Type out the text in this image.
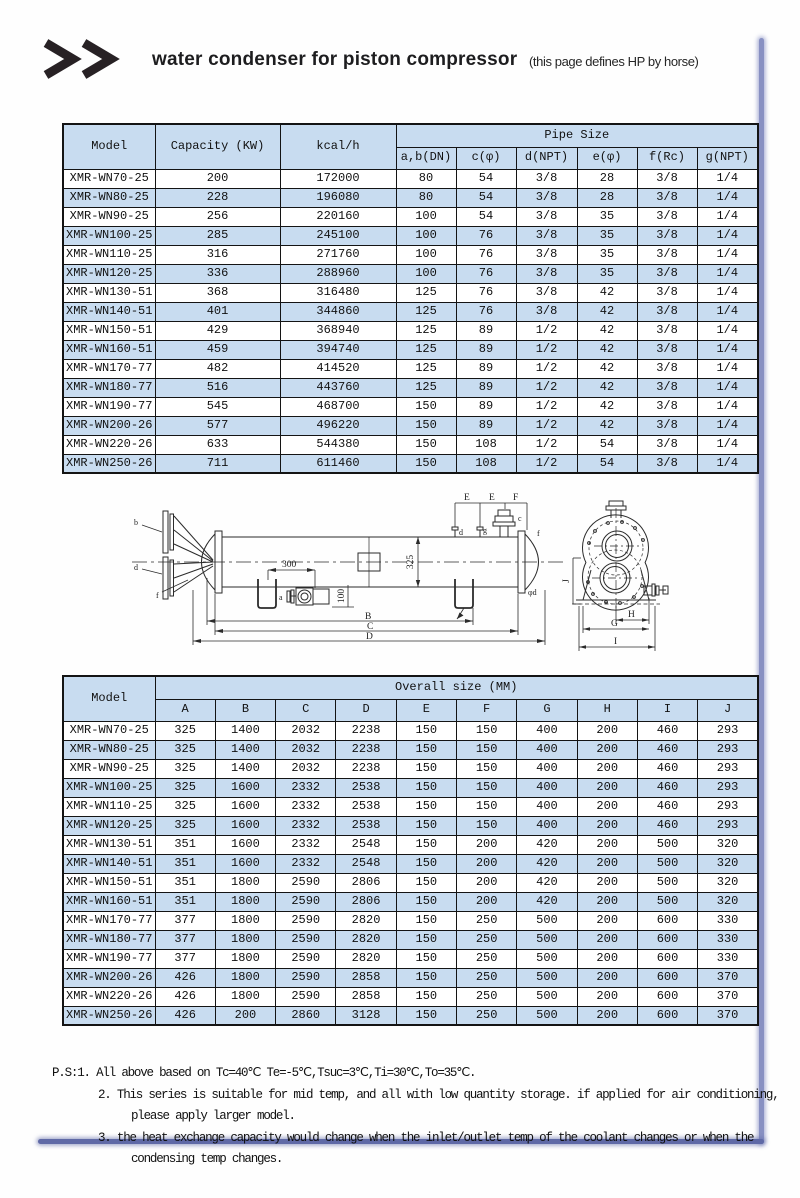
water condenser for piston compressor (this page defines HP by horse)
Model	Capacity (KW)	kcal/h	Pipe Size					
			a,b(DN)	c(φ)	d(NPT)	e(φ)	f(Rc)	g(NPT)
XMR-WN70-25	200	172000	80	54	3/8	28	3/8	1/4
XMR-WN80-25	228	196080	80	54	3/8	28	3/8	1/4
XMR-WN90-25	256	220160	100	54	3/8	35	3/8	1/4
XMR-WN100-25	285	245100	100	76	3/8	35	3/8	1/4
XMR-WN110-25	316	271760	100	76	3/8	35	3/8	1/4
XMR-WN120-25	336	288960	100	76	3/8	35	3/8	1/4
XMR-WN130-51	368	316480	125	76	3/8	42	3/8	1/4
XMR-WN140-51	401	344860	125	76	3/8	42	3/8	1/4
XMR-WN150-51	429	368940	125	89	1/2	42	3/8	1/4
XMR-WN160-51	459	394740	125	89	1/2	42	3/8	1/4
XMR-WN170-77	482	414520	125	89	1/2	42	3/8	1/4
XMR-WN180-77	516	443760	125	89	1/2	42	3/8	1/4
XMR-WN190-77	545	468700	150	89	1/2	42	3/8	1/4
XMR-WN200-26	577	496220	150	89	1/2	42	3/8	1/4
XMR-WN220-26	633	544380	150	108	1/2	54	3/8	1/4
XMR-WN250-26	711	611460	150	108	1/2	54	3/8	1/4
E E F
c
d	g	f
φd
b
d
f	a
300
100
325
B
C
D
H
G
I
J
Model	Overall size (MM)									
	A	B	C	D	E	F	G	H	I	J
XMR-WN70-25	325	1400	2032	2238	150	150	400	200	460	293
XMR-WN80-25	325	1400	2032	2238	150	150	400	200	460	293
XMR-WN90-25	325	1400	2032	2238	150	150	400	200	460	293
XMR-WN100-25	325	1600	2332	2538	150	150	400	200	460	293
XMR-WN110-25	325	1600	2332	2538	150	150	400	200	460	293
XMR-WN120-25	325	1600	2332	2538	150	150	400	200	460	293
XMR-WN130-51	351	1600	2332	2548	150	200	420	200	500	320
XMR-WN140-51	351	1600	2332	2548	150	200	420	200	500	320
XMR-WN150-51	351	1800	2590	2806	150	200	420	200	500	320
XMR-WN160-51	351	1800	2590	2806	150	200	420	200	500	320
XMR-WN170-77	377	1800	2590	2820	150	250	500	200	600	330
XMR-WN180-77	377	1800	2590	2820	150	250	500	200	600	330
XMR-WN190-77	377	1800	2590	2820	150	250	500	200	600	330
XMR-WN200-26	426	1800	2590	2858	150	250	500	200	600	370
XMR-WN220-26	426	1800	2590	2858	150	250	500	200	600	370
XMR-WN250-26	426	200	2860	3128	150	250	500	200	600	370
P.S:1. All above based on Tc=40℃ Te=-5℃,Tsuc=3℃,Ti=30℃,To=35℃.
2. This series is suitable for mid temp, and all with low quantity storage. if applied for air conditioning,
please apply larger model.
3. the heat exchange capacity would change when the inlet/outlet temp of the coolant changes or when the
condensing temp changes.
